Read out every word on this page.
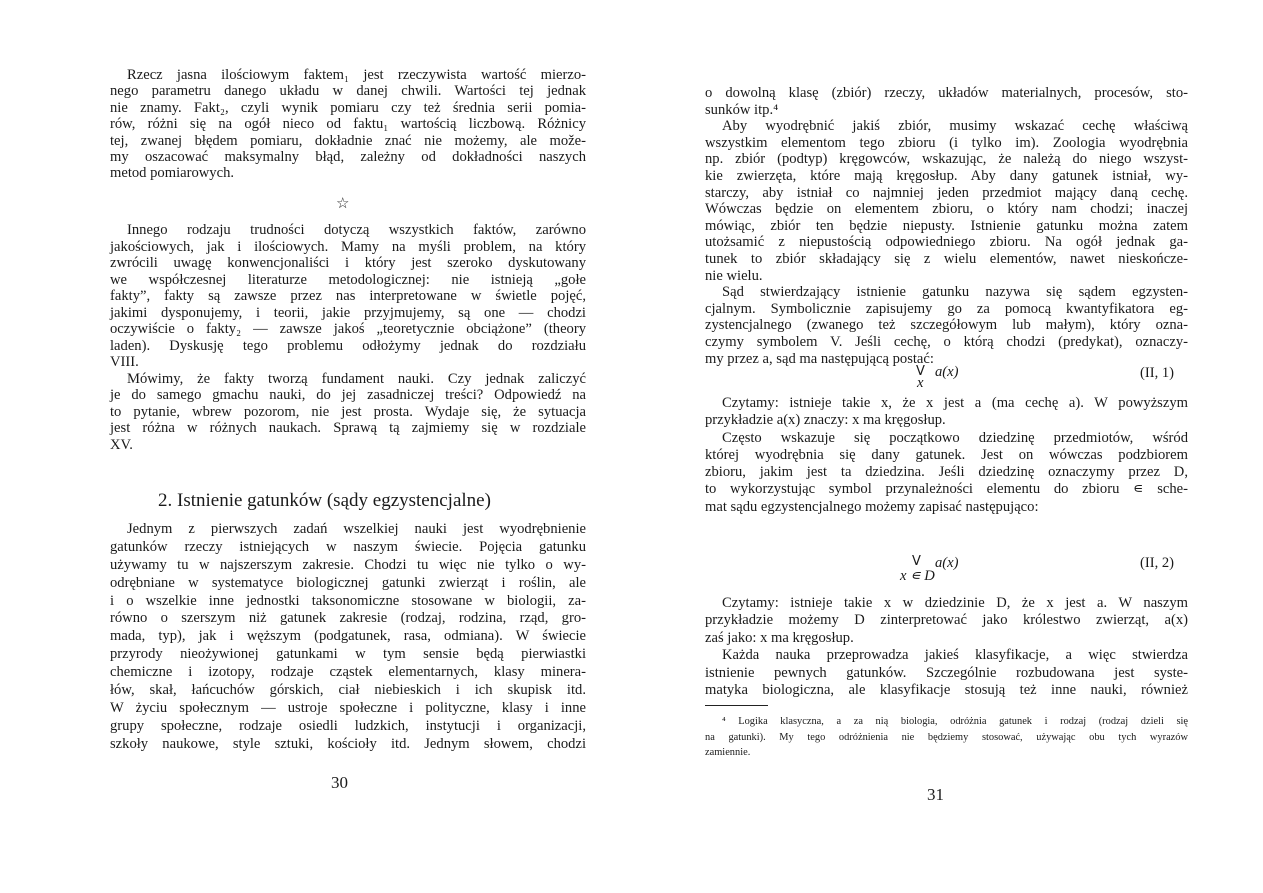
Rzecz jasna ilościowym faktem₁ jest rzeczywista wartość mierzo-
nego parametru danego układu w danej chwili. Wartości tej jednak
nie znamy. Fakt₂, czyli wynik pomiaru czy też średnia serii pomia-
rów, różni się na ogół nieco od faktu₁ wartością liczbową. Różnicy
tej, zwanej błędem pomiaru, dokładnie znać nie możemy, ale može-
my oszacować maksymalny błąd, zależny od dokładności naszych
metod pomiarowych.
☆
Innego rodzaju trudności dotyczą wszystkich faktów, zarówno
jakościowych, jak i ilościowych. Mamy na myśli problem, na który
zwrócili uwagę konwencjonaliści i który jest szeroko dyskutowany
we współczesnej literaturze metodologicznej: nie istnieją „gołe
fakty”, fakty są zawsze przez nas interpretowane w świetle pojęć,
jakimi dysponujemy, i teorii, jakie przyjmujemy, są one — chodzi
oczywiście o fakty₂ — zawsze jakoś „teoretycznie obciążone” (theory
laden). Dyskusję tego problemu odłożymy jednak do rozdziału
VIII.
Mówimy, że fakty tworzą fundament nauki. Czy jednak zaliczyć
je do samego gmachu nauki, do jej zasadniczej treści? Odpowiedź na
to pytanie, wbrew pozorom, nie jest prosta. Wydaje się, że sytuacja
jest różna w różnych naukach. Sprawą tą zajmiemy się w rozdziale
XV.
2. Istnienie gatunków (sądy egzystencjalne)
Jednym z pierwszych zadań wszelkiej nauki jest wyodrębnienie
gatunków rzeczy istniejących w naszym świecie. Pojęcia gatunku
używamy tu w najszerszym zakresie. Chodzi tu więc nie tylko o wy-
odrębniane w systematyce biologicznej gatunki zwierząt i roślin, ale
i o wszelkie inne jednostki taksonomiczne stosowane w biologii, za-
równo o szerszym niż gatunek zakresie (rodzaj, rodzina, rząd, gro-
mada, typ), jak i węższym (podgatunek, rasa, odmiana). W świecie
przyrody nieożywionej gatunkami w tym sensie będą pierwiastki
chemiczne i izotopy, rodzaje cząstek elementarnych, klasy minera-
łów, skał, łańcuchów górskich, ciał niebieskich i ich skupisk itd.
W życiu społecznym — ustroje społeczne i polityczne, klasy i inne
grupy społeczne, rodzaje osiedli ludzkich, instytucji i organizacji,
szkoły naukowe, style sztuki, kościoły itd. Jednym słowem, chodzi
30
o dowolną klasę (zbiór) rzeczy, układów materialnych, procesów, sto-
sunków itp.⁴
Aby wyodrębnić jakiś zbiór, musimy wskazać cechę właściwą
wszystkim elementom tego zbioru (i tylko im). Zoologia wyodrębnia
np. zbiór (podtyp) kręgowców, wskazując, że należą do niego wszyst-
kie zwierzęta, które mają kręgosłup. Aby dany gatunek istniał, wy-
starczy, aby istniał co najmniej jeden przedmiot mający daną cechę.
Wówczas będzie on elementem zbioru, o który nam chodzi; inaczej
mówiąc, zbiór ten będzie niepusty. Istnienie gatunku można zatem
utożsamić z niepustością odpowiedniego zbioru. Na ogół jednak ga-
tunek to zbiór składający się z wielu elementów, nawet nieskończe-
nie wielu.
Sąd stwierdzający istnienie gatunku nazywa się sądem egzysten-
cjalnym. Symbolicznie zapisujemy go za pomocą kwantyfikatora eg-
zystencjalnego (zwanego też szczegółowym lub małym), który ozna-
czymy symbolem V. Jeśli cechę, o którą chodzi (predykat), oznaczy-
my przez a, sąd ma następującą postać:
V
x
a(x)	(II, 1)
Czytamy: istnieje takie x, że x jest a (ma cechę a). W powyższym
przykładzie a(x) znaczy: x ma kręgosłup.
Często wskazuje się początkowo dziedzinę przedmiotów, wśród
której wyodrębnia się dany gatunek. Jest on wówczas podzbiorem
zbioru, jakim jest ta dziedzina. Jeśli dziedzinę oznaczymy przez D,
to wykorzystując symbol przynależności elementu do zbioru ∊ sche-
mat sądu egzystencjalnego możemy zapisać następująco:
V
x ∊ D
a(x)	(II, 2)
Czytamy: istnieje takie x w dziedzinie D, że x jest a. W naszym
przykładzie możemy D zinterpretować jako królestwo zwierząt, a(x)
zaś jako: x ma kręgosłup.
Każda nauka przeprowadza jakieś klasyfikacje, a więc stwierdza
istnienie pewnych gatunków. Szczególnie rozbudowana jest syste-
matyka biologiczna, ale klasyfikacje stosują też inne nauki, również
⁴ Logika klasyczna, a za nią biologia, odróżnia gatunek i rodzaj (rodzaj dzieli się
na gatunki). My tego odróżnienia nie będziemy stosować, używając obu tych wyrazów
zamiennie.
31
